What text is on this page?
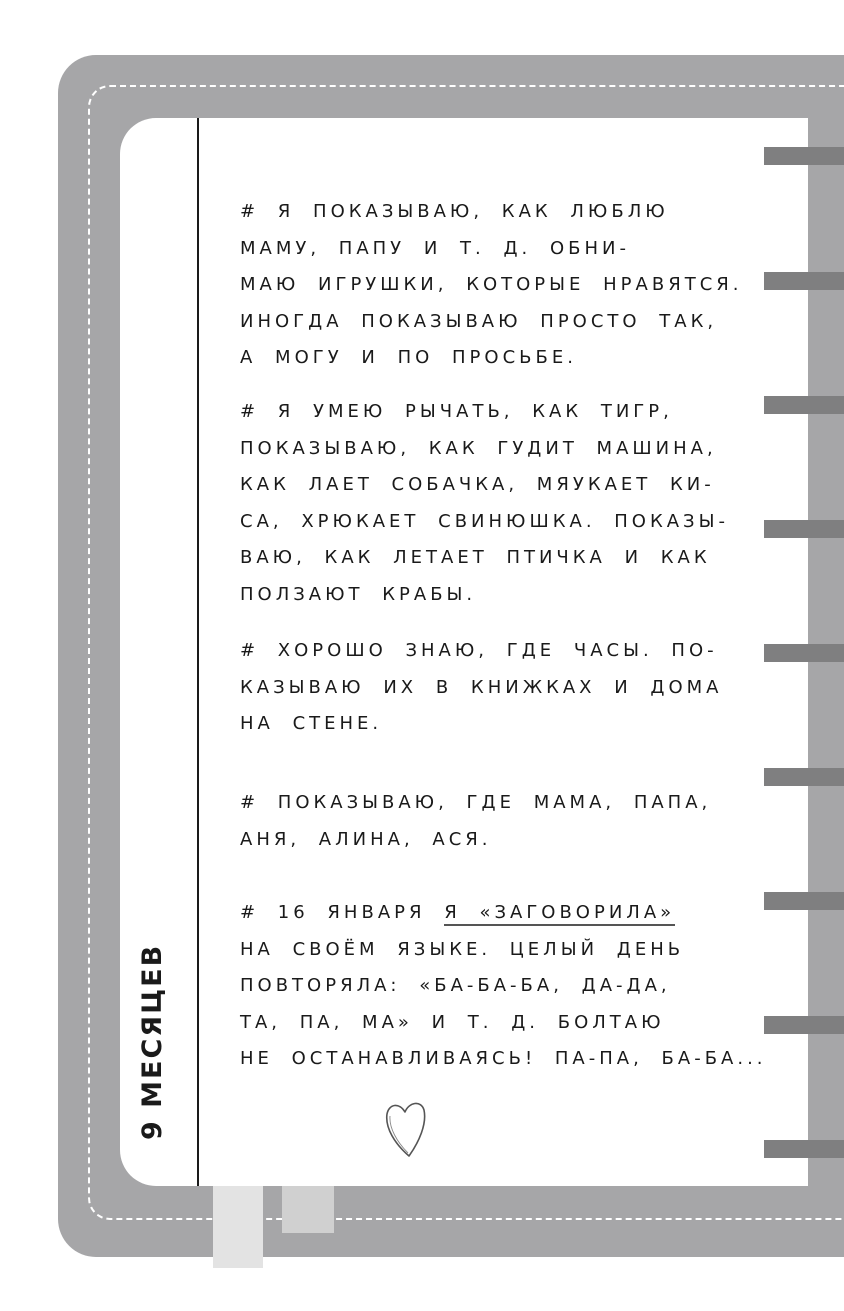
9 МЕСЯЦЕВ
# Я ПОКАЗЫВАЮ, КАК ЛЮБЛЮ
МАМУ, ПАПУ И Т. Д. ОБНИ-
МАЮ ИГРУШКИ, КОТОРЫЕ НРАВЯТСЯ.
ИНОГДА ПОКАЗЫВАЮ ПРОСТО ТАК,
А МОГУ И ПО ПРОСЬБЕ.
# Я УМЕЮ РЫЧАТЬ, КАК ТИГР,
ПОКАЗЫВАЮ, КАК ГУДИТ МАШИНА,
КАК ЛАЕТ СОБАЧКА, МЯУКАЕТ КИ-
СА, ХРЮКАЕТ СВИНЮШКА. ПОКАЗЫ-
ВАЮ, КАК ЛЕТАЕТ ПТИЧКА И КАК
ПОЛЗАЮТ КРАБЫ.
# ХОРОШО ЗНАЮ, ГДЕ ЧАСЫ. ПО-
КАЗЫВАЮ ИХ В КНИЖКАХ И ДОМА
НА СТЕНЕ.
# ПОКАЗЫВАЮ, ГДЕ МАМА, ПАПА,
АНЯ, АЛИНА, АСЯ.
# 16 ЯНВАРЯ Я «ЗАГОВОРИЛА»
НА СВОЁМ ЯЗЫКЕ. ЦЕЛЫЙ ДЕНЬ
ПОВТОРЯЛА: «БА-БА-БА, ДА-ДА,
ТА, ПА, МА» И Т. Д. БОЛТАЮ
НЕ ОСТАНАВЛИВАЯСЬ! ПА-ПА, БА-БА...
